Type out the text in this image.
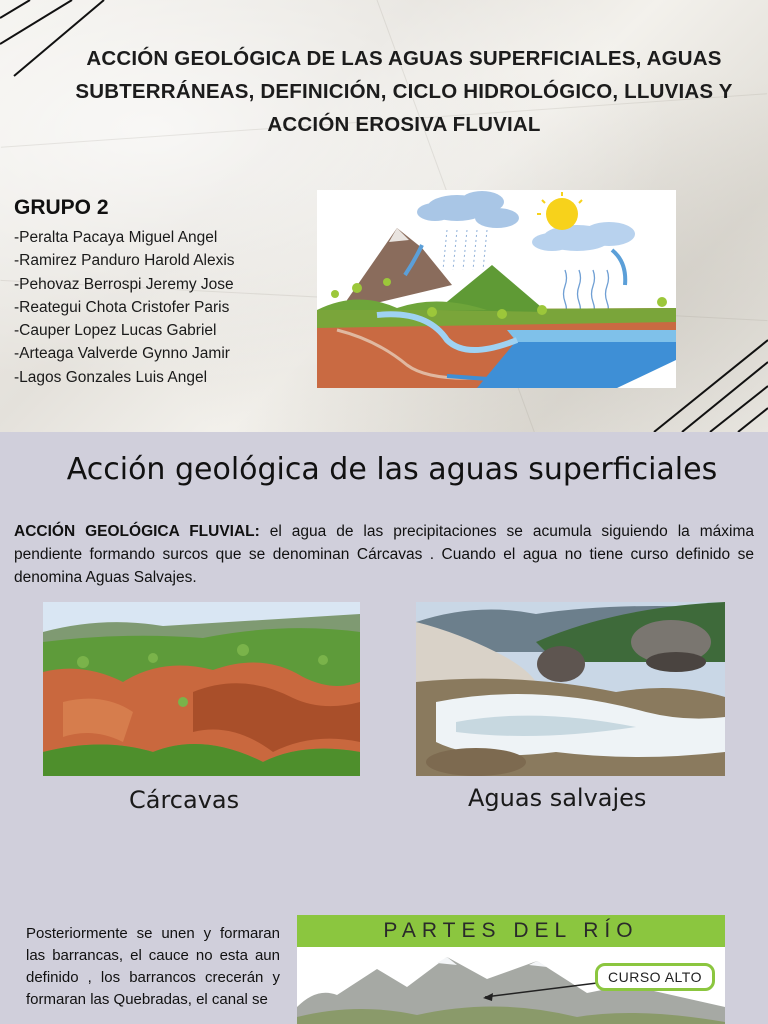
ACCIÓN GEOLÓGICA DE LAS AGUAS SUPERFICIALES, AGUAS SUBTERRÁNEAS, DEFINICIÓN, CICLO HIDROLÓGICO, LLUVIAS Y ACCIÓN EROSIVA FLUVIAL
GRUPO 2
-Peralta Pacaya Miguel Angel
-Ramirez Panduro Harold Alexis
-Pehovaz Berrospi Jeremy Jose
-Reategui Chota Cristofer Paris
-Cauper Lopez Lucas Gabriel
-Arteaga Valverde Gynno Jamir
-Lagos Gonzales Luis Angel
Acción geológica de las aguas superficiales
ACCIÓN GEOLÓGICA FLUVIAL: el agua de las precipitaciones se acumula siguiendo la máxima pendiente formando surcos que se denominan Cárcavas . Cuando el agua no tiene curso definido se denomina Aguas Salvajes.
Cárcavas	Aguas salvajes
Posteriormente se unen y formaran las barrancas, el cauce no esta aun definido , los barrancos crecerán y formaran las Quebradas, el canal se
PARTES DEL RÍO
CURSO ALTO
